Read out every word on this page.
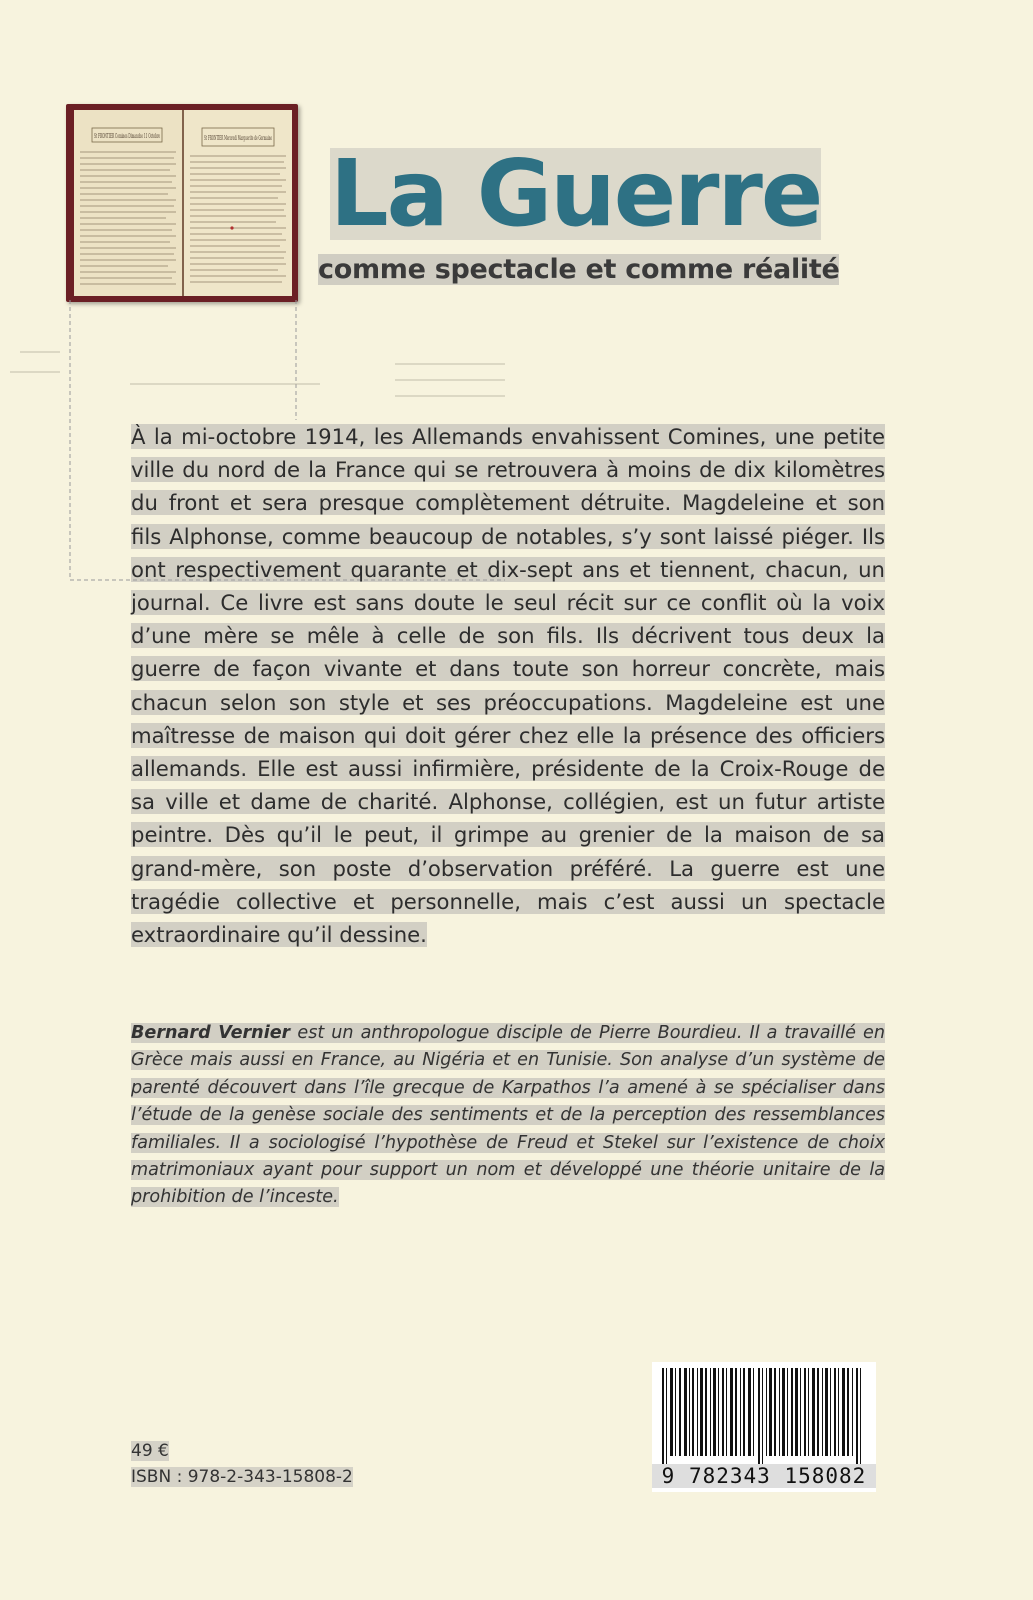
St FRONTIER Comines Dimanche 11 Octobre	St FRONTIER Mercredi Marguerite de Gormaine
La Guerre
comme spectacle et comme réalité

À la mi-octobre 1914, les Allemands envahissent Comines, une petite ville du nord de la France qui se retrouvera à moins de dix kilomètres du front et sera presque complètement détruite. Magdeleine et son fils Alphonse, comme beaucoup de notables, s’y sont laissé piéger. Ils ont respectivement quarante et dix-sept ans et tiennent, chacun, un journal. Ce livre est sans doute le seul récit sur ce conflit où la voix d’une mère se mêle à celle de son fils. Ils décrivent tous deux la guerre de façon vivante et dans toute son horreur concrète, mais chacun selon son style et ses préoccupations. Magdeleine est une maîtresse de maison qui doit gérer chez elle la présence des officiers allemands. Elle est aussi infirmière, présidente de la Croix-Rouge de sa ville et dame de charité. Alphonse, collégien, est un futur artiste peintre. Dès qu’il le peut, il grimpe au grenier de la maison de sa grand-mère, son poste d’observation préféré. La guerre est une tragédie collective et personnelle, mais c’est aussi un spectacle extraordinaire qu’il dessine.

Bernard Vernier est un anthropologue disciple de Pierre Bourdieu. Il a travaillé en Grèce mais aussi en France, au Nigéria et en Tunisie. Son analyse d’un système de parenté découvert dans l’île grecque de Karpathos l’a amené à se spécialiser dans l’étude de la genèse sociale des sentiments et de la perception des ressemblances familiales. Il a sociologisé l’hypothèse de Freud et Stekel sur l’existence de choix matrimoniaux ayant pour support un nom et développé une théorie unitaire de la prohibition de l’inceste.

49 €
ISBN : 978-2-343-15808-2	9 782343 158082
